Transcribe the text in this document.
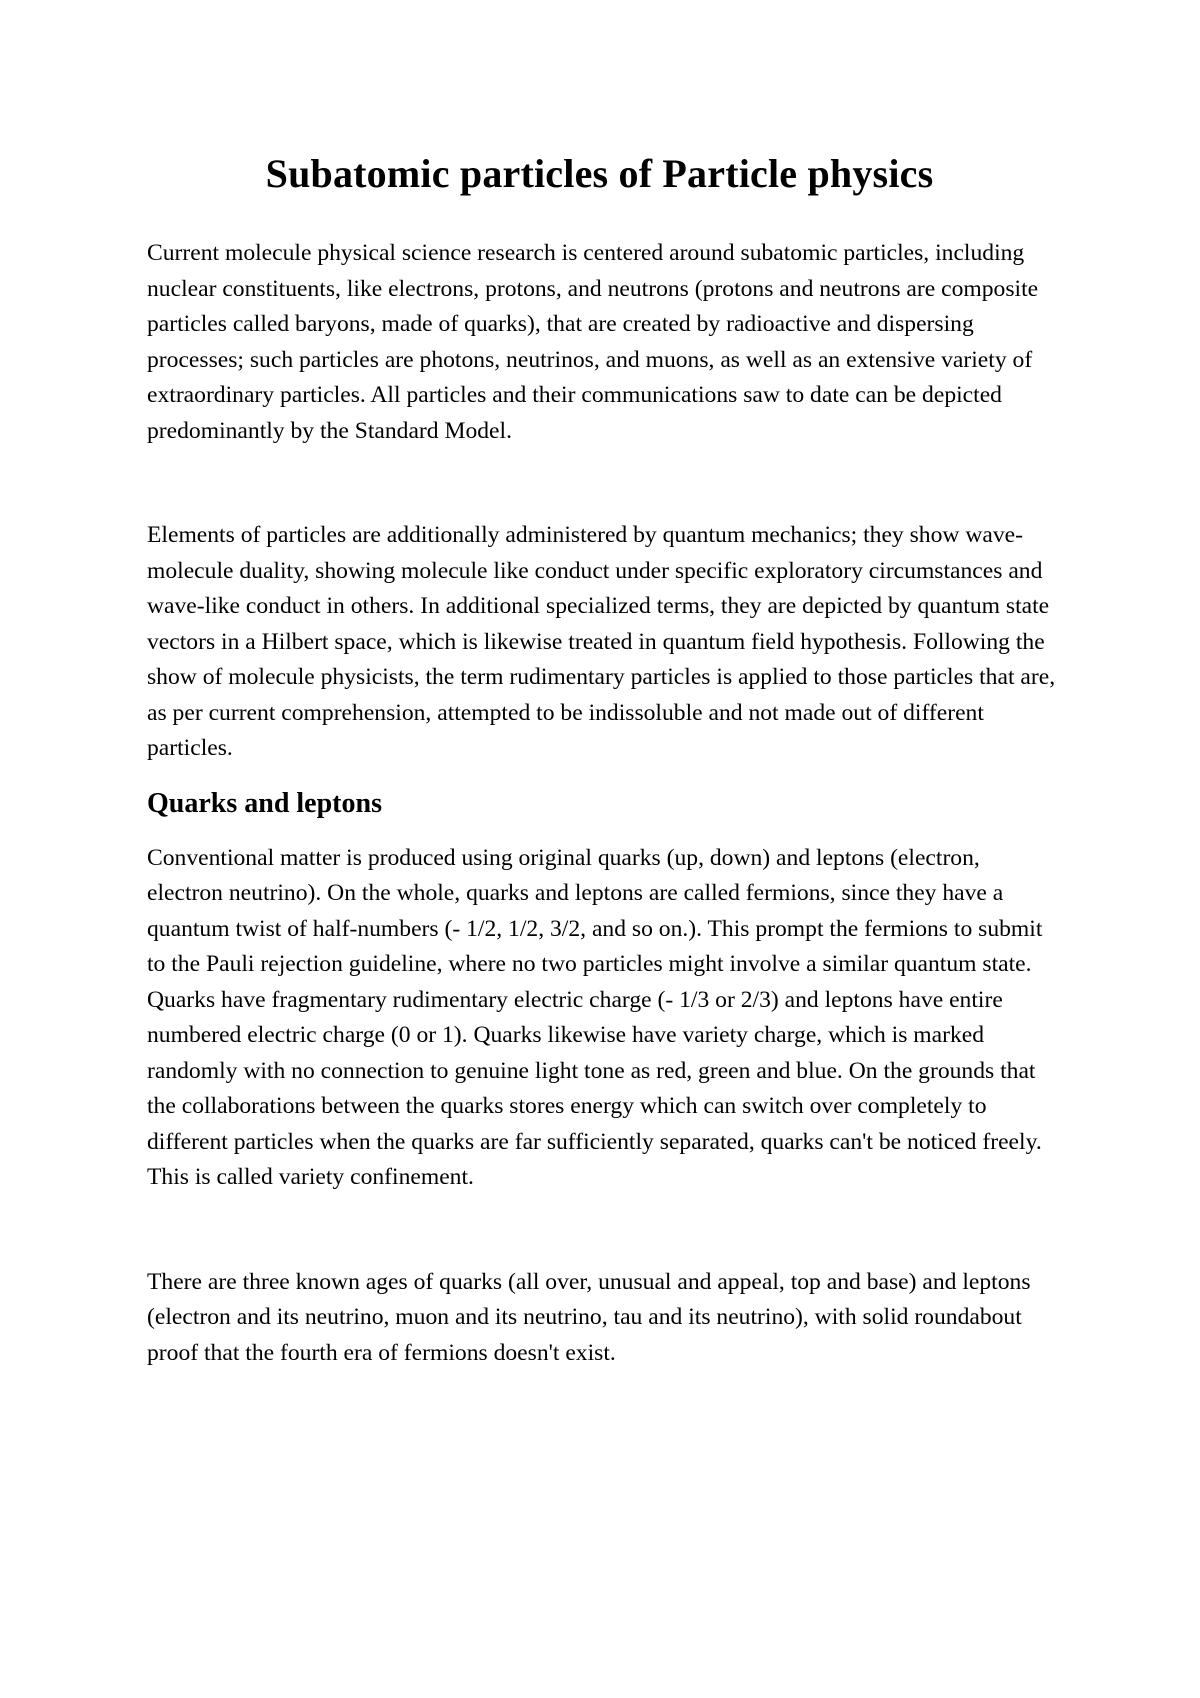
Subatomic particles of Particle physics

Current molecule physical science research is centered around subatomic particles, including nuclear constituents, like electrons, protons, and neutrons (protons and neutrons are composite particles called baryons, made of quarks), that are created by radioactive and dispersing processes; such particles are photons, neutrinos, and muons, as well as an extensive variety of extraordinary particles. All particles and their communications saw to date can be depicted predominantly by the Standard Model.

Elements of particles are additionally administered by quantum mechanics; they show wave-molecule duality, showing molecule like conduct under specific exploratory circumstances and wave-like conduct in others. In additional specialized terms, they are depicted by quantum state vectors in a Hilbert space, which is likewise treated in quantum field hypothesis. Following the show of molecule physicists, the term rudimentary particles is applied to those particles that are, as per current comprehension, attempted to be indissoluble and not made out of different particles.

Quarks and leptons

Conventional matter is produced using original quarks (up, down) and leptons (electron, electron neutrino). On the whole, quarks and leptons are called fermions, since they have a quantum twist of half-numbers (- 1/2, 1/2, 3/2, and so on.). This prompt the fermions to submit to the Pauli rejection guideline, where no two particles might involve a similar quantum state. Quarks have fragmentary rudimentary electric charge (- 1/3 or 2/3) and leptons have entire numbered electric charge (0 or 1). Quarks likewise have variety charge, which is marked randomly with no connection to genuine light tone as red, green and blue. On the grounds that the collaborations between the quarks stores energy which can switch over completely to different particles when the quarks are far sufficiently separated, quarks can't be noticed freely. This is called variety confinement.

There are three known ages of quarks (all over, unusual and appeal, top and base) and leptons (electron and its neutrino, muon and its neutrino, tau and its neutrino), with solid roundabout proof that the fourth era of fermions doesn't exist.
